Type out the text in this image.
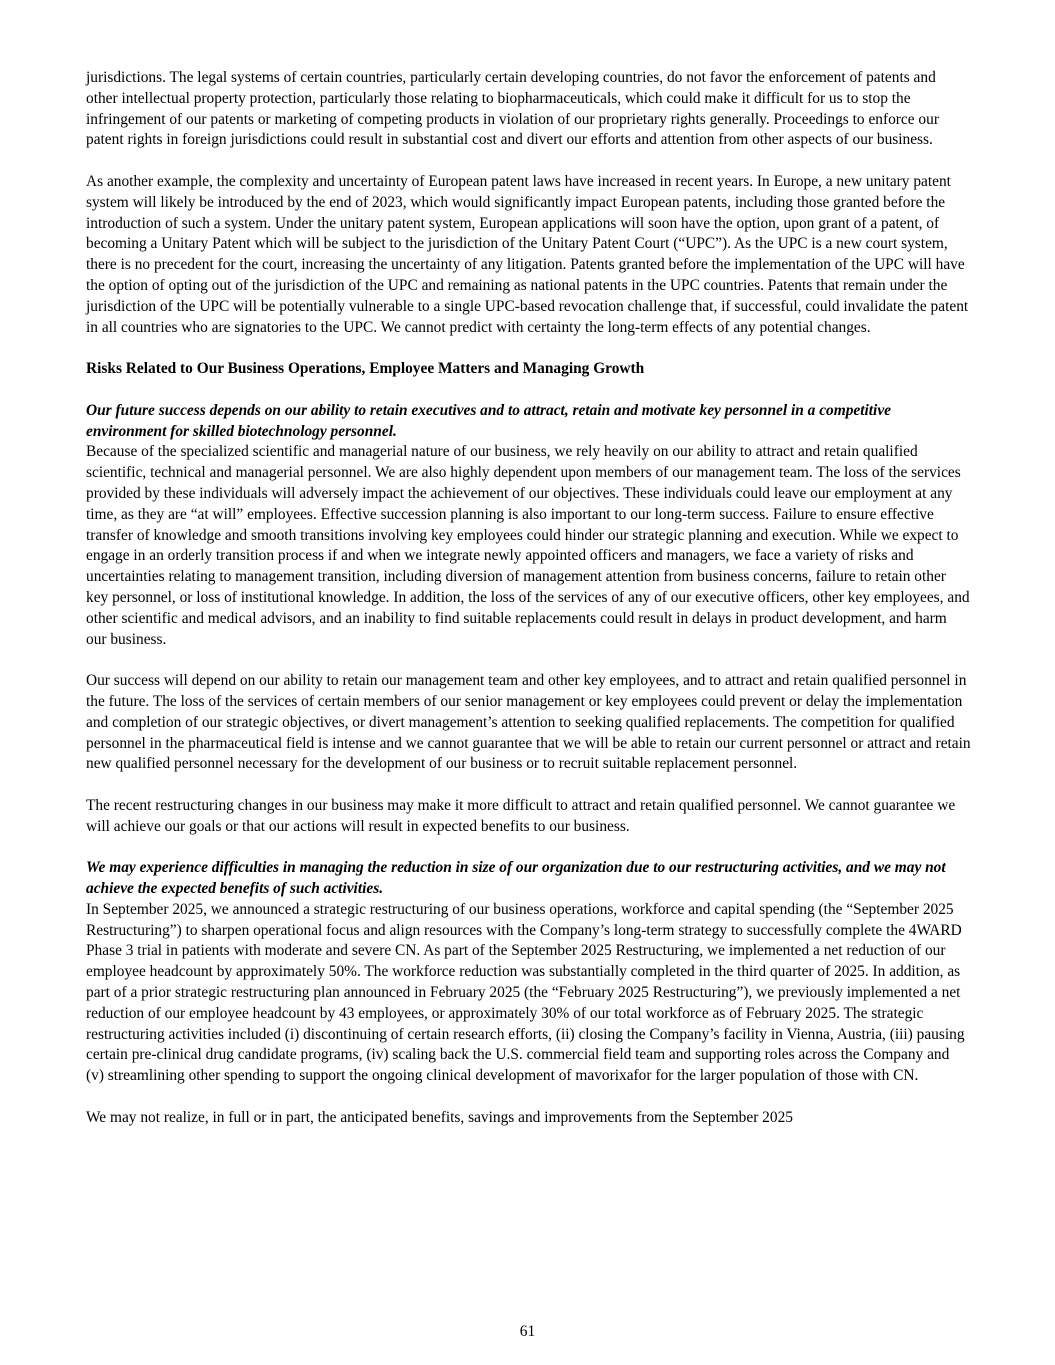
jurisdictions. The legal systems of certain countries, particularly certain developing countries, do not favor the enforcement of patents and other intellectual property protection, particularly those relating to biopharmaceuticals, which could make it difficult for us to stop the infringement of our patents or marketing of competing products in violation of our proprietary rights generally. Proceedings to enforce our patent rights in foreign jurisdictions could result in substantial cost and divert our efforts and attention from other aspects of our business.

As another example, the complexity and uncertainty of European patent laws have increased in recent years. In Europe, a new unitary patent system will likely be introduced by the end of 2023, which would significantly impact European patents, including those granted before the introduction of such a system. Under the unitary patent system, European applications will soon have the option, upon grant of a patent, of becoming a Unitary Patent which will be subject to the jurisdiction of the Unitary Patent Court (“UPC”). As the UPC is a new court system, there is no precedent for the court, increasing the uncertainty of any litigation. Patents granted before the implementation of the UPC will have the option of opting out of the jurisdiction of the UPC and remaining as national patents in the UPC countries. Patents that remain under the jurisdiction of the UPC will be potentially vulnerable to a single UPC-based revocation challenge that, if successful, could invalidate the patent in all countries who are signatories to the UPC. We cannot predict with certainty the long-term effects of any potential changes.

Risks Related to Our Business Operations, Employee Matters and Managing Growth

Our future success depends on our ability to retain executives and to attract, retain and motivate key personnel in a competitive environment for skilled biotechnology personnel.

Because of the specialized scientific and managerial nature of our business, we rely heavily on our ability to attract and retain qualified scientific, technical and managerial personnel. We are also highly dependent upon members of our management team. The loss of the services provided by these individuals will adversely impact the achievement of our objectives. These individuals could leave our employment at any time, as they are “at will” employees. Effective succession planning is also important to our long-term success. Failure to ensure effective transfer of knowledge and smooth transitions involving key employees could hinder our strategic planning and execution. While we expect to engage in an orderly transition process if and when we integrate newly appointed officers and managers, we face a variety of risks and uncertainties relating to management transition, including diversion of management attention from business concerns, failure to retain other key personnel, or loss of institutional knowledge. In addition, the loss of the services of any of our executive officers, other key employees, and other scientific and medical advisors, and an inability to find suitable replacements could result in delays in product development, and harm our business.

Our success will depend on our ability to retain our management team and other key employees, and to attract and retain qualified personnel in the future. The loss of the services of certain members of our senior management or key employees could prevent or delay the implementation and completion of our strategic objectives, or divert management’s attention to seeking qualified replacements. The competition for qualified personnel in the pharmaceutical field is intense and we cannot guarantee that we will be able to retain our current personnel or attract and retain new qualified personnel necessary for the development of our business or to recruit suitable replacement personnel.

The recent restructuring changes in our business may make it more difficult to attract and retain qualified personnel. We cannot guarantee we will achieve our goals or that our actions will result in expected benefits to our business.

We may experience difficulties in managing the reduction in size of our organization due to our restructuring activities, and we may not achieve the expected benefits of such activities.

In September 2025, we announced a strategic restructuring of our business operations, workforce and capital spending (the “September 2025 Restructuring”) to sharpen operational focus and align resources with the Company’s long-term strategy to successfully complete the 4WARD Phase 3 trial in patients with moderate and severe CN. As part of the September 2025 Restructuring, we implemented a net reduction of our employee headcount by approximately 50%. The workforce reduction was substantially completed in the third quarter of 2025. In addition, as part of a prior strategic restructuring plan announced in February 2025 (the “February 2025 Restructuring”), we previously implemented a net reduction of our employee headcount by 43 employees, or approximately 30% of our total workforce as of February 2025. The strategic restructuring activities included (i) discontinuing of certain research efforts, (ii) closing the Company’s facility in Vienna, Austria, (iii) pausing certain pre-clinical drug candidate programs, (iv) scaling back the U.S. commercial field team and supporting roles across the Company and (v) streamlining other spending to support the ongoing clinical development of mavorixafor for the larger population of those with CN.

We may not realize, in full or in part, the anticipated benefits, savings and improvements from the September 2025

61
